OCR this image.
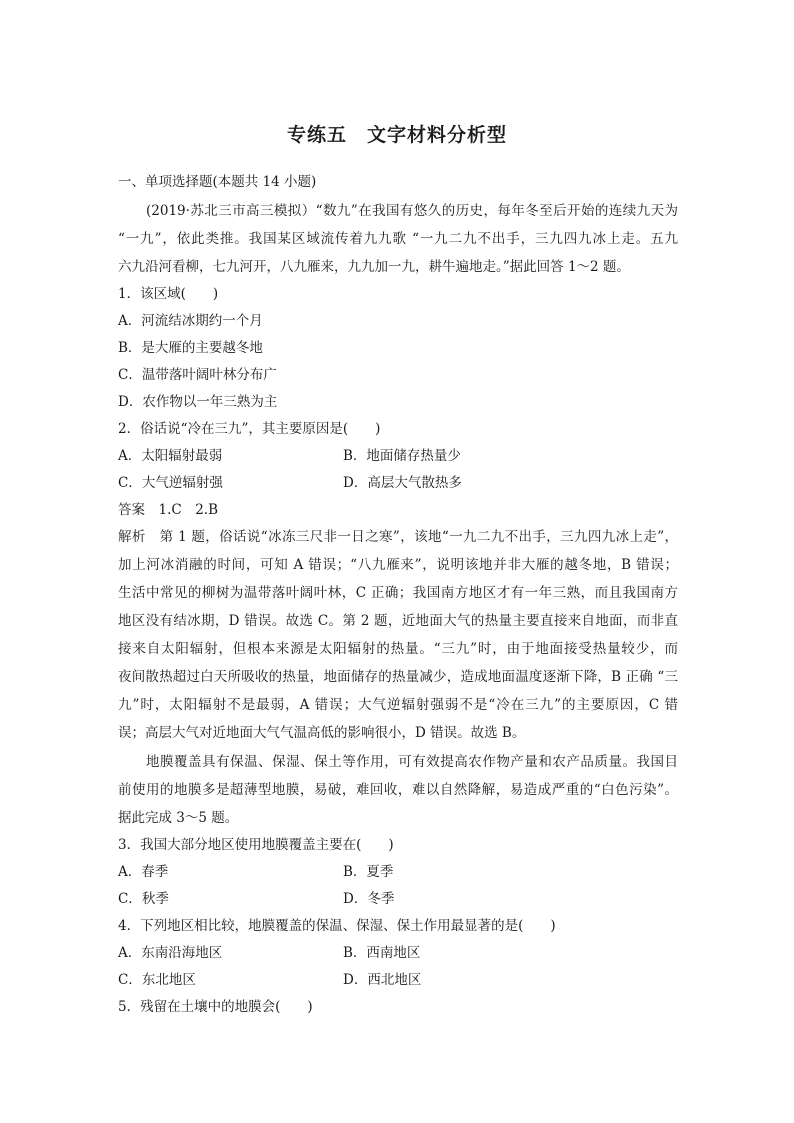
专练五　文字材料分析型
一、单项选择题(本题共 14 小题)
(2019·苏北三市高三模拟）“数九”在我国有悠久的历史，每年冬至后开始的连续九天为
“一九”，依此类推。我国某区域流传着九九歌 “一九二九不出手，三九四九冰上走。五九
六九沿河看柳，七九河开，八九雁来，九九加一九，耕牛遍地走。”据此回答 1～2 题。
1．该区域(　　)
A．河流结冰期约一个月
B．是大雁的主要越冬地
C．温带落叶阔叶林分布广
D．农作物以一年三熟为主
2．俗话说“冷在三九”，其主要原因是(　　)
A．太阳辐射最弱	B．地面储存热量少
C．大气逆辐射强	D．高层大气散热多
答案　1.C　2.B
解析　第 1 题，俗话说“冰冻三尺非一日之寒”，该地“一九二九不出手，三九四九冰上走”，
加上河冰消融的时间，可知 A 错误；“八九雁来”，说明该地并非大雁的越冬地，B 错误；
生活中常见的柳树为温带落叶阔叶林，C 正确；我国南方地区才有一年三熟，而且我国南方
地区没有结冰期，D 错误。故选 C。第 2 题，近地面大气的热量主要直接来自地面，而非直
接来自太阳辐射，但根本来源是太阳辐射的热量。“三九”时，由于地面接受热量较少，而
夜间散热超过白天所吸收的热量，地面储存的热量减少，造成地面温度逐渐下降，B 正确 “三
九”时，太阳辐射不是最弱，A 错误；大气逆辐射强弱不是“冷在三九”的主要原因，C 错
误；高层大气对近地面大气气温高低的影响很小，D 错误。故选 B。
地膜覆盖具有保温、保湿、保土等作用，可有效提高农作物产量和农产品质量。我国目
前使用的地膜多是超薄型地膜，易破，难回收，难以自然降解，易造成严重的“白色污染”。
据此完成 3～5 题。
3．我国大部分地区使用地膜覆盖主要在(　　)
A．春季	B．夏季
C．秋季	D．冬季
4．下列地区相比较，地膜覆盖的保温、保湿、保土作用最显著的是(　　)
A．东南沿海地区	B．西南地区
C．东北地区	D．西北地区
5．残留在土壤中的地膜会(　　)
